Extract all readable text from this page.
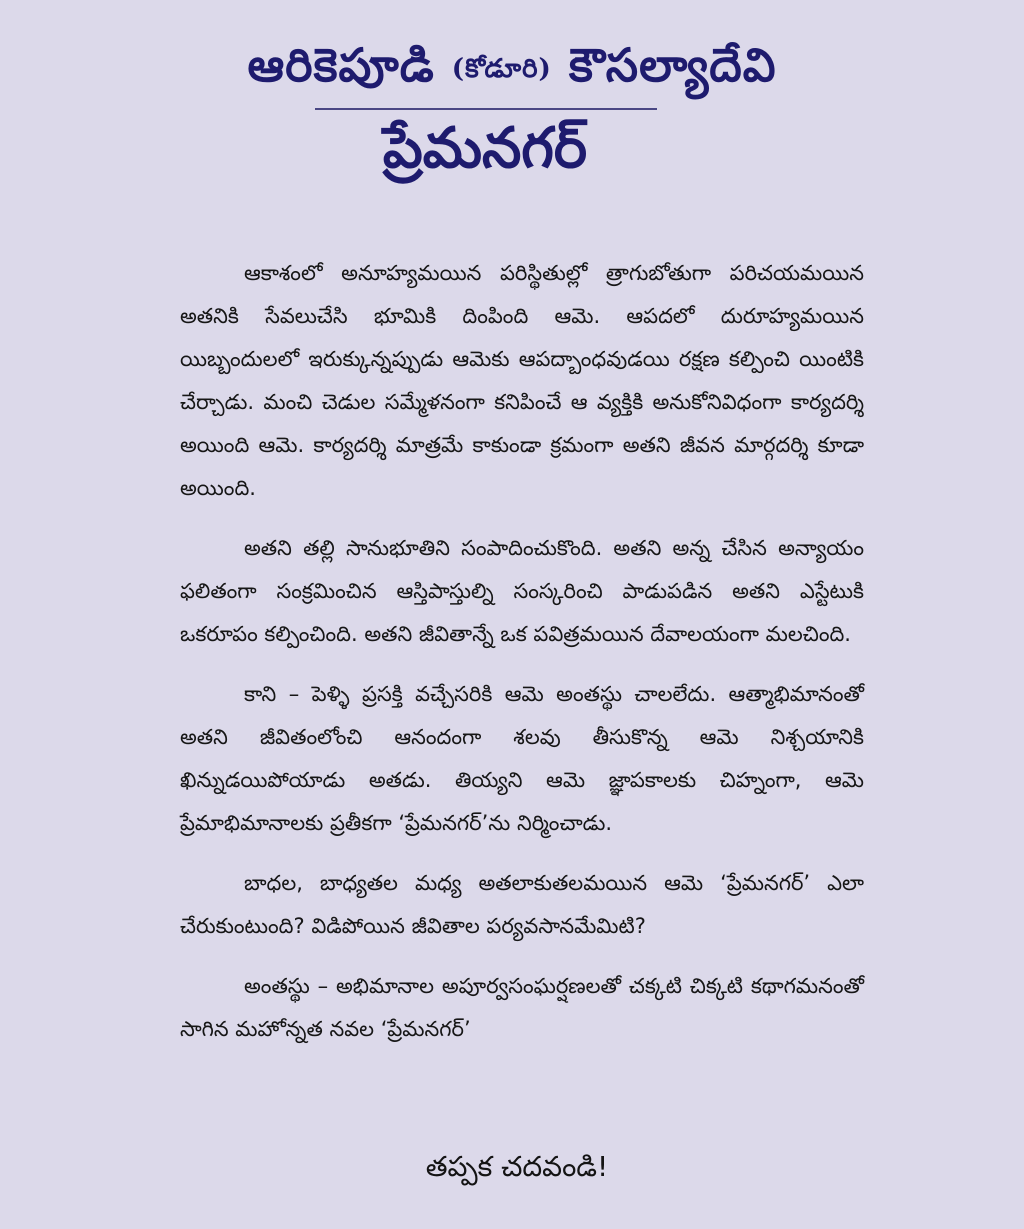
ఆరికెపూడి (కోడూరి) కౌసల్యాదేవి
ప్రేమనగర్

ఆకాశంలో అనూహ్యమయిన పరిస్థితుల్లో త్రాగుబోతుగా పరిచయమయిన అతనికి సేవలుచేసి భూమికి దింపింది ఆమె. ఆపదలో దురూహ్యమయిన యిబ్బందులలో ఇరుక్కున్నప్పుడు ఆమెకు ఆపద్బాంధవుడయి రక్షణ కల్పించి యింటికి చేర్చాడు. మంచి చెడుల సమ్మేళనంగా కనిపించే ఆ వ్యక్తికి అనుకోనివిధంగా కార్యదర్శి అయింది ఆమె. కార్యదర్శి మాత్రమే కాకుండా క్రమంగా అతని జీవన మార్గదర్శి కూడా అయింది.

అతని తల్లి సానుభూతిని సంపాదించుకొంది. అతని అన్న చేసిన అన్యాయం ఫలితంగా సంక్రమించిన ఆస్తిపాస్తుల్ని సంస్కరించి పాడుపడిన అతని ఎస్టేటుకి ఒకరూపం కల్పించింది. అతని జీవితాన్నే ఒక పవిత్రమయిన దేవాలయంగా మలచింది.

కాని – పెళ్ళి ప్రసక్తి వచ్చేసరికి ఆమె అంతస్థు చాలలేదు. ఆత్మాభిమానంతో అతని జీవితంలోంచి ఆనందంగా శలవు తీసుకొన్న ఆమె నిశ్చయానికి ఖిన్నుడయిపోయాడు అతడు. తియ్యని ఆమె జ్ఞాపకాలకు చిహ్నంగా, ఆమె ప్రేమాభిమానాలకు ప్రతీకగా ‘ప్రేమనగర్’ను నిర్మించాడు.

బాధల, బాధ్యతల మధ్య అతలాకుతలమయిన ఆమె ‘ప్రేమనగర్’ ఎలా చేరుకుంటుంది? విడిపోయిన జీవితాల పర్యవసానమేమిటి?

అంతస్థు – అభిమానాల అపూర్వసంఘర్షణలతో చక్కటి చిక్కటి కథాగమనంతో సాగిన మహోన్నత నవల ‘ప్రేమనగర్’

తప్పక చదవండి!
